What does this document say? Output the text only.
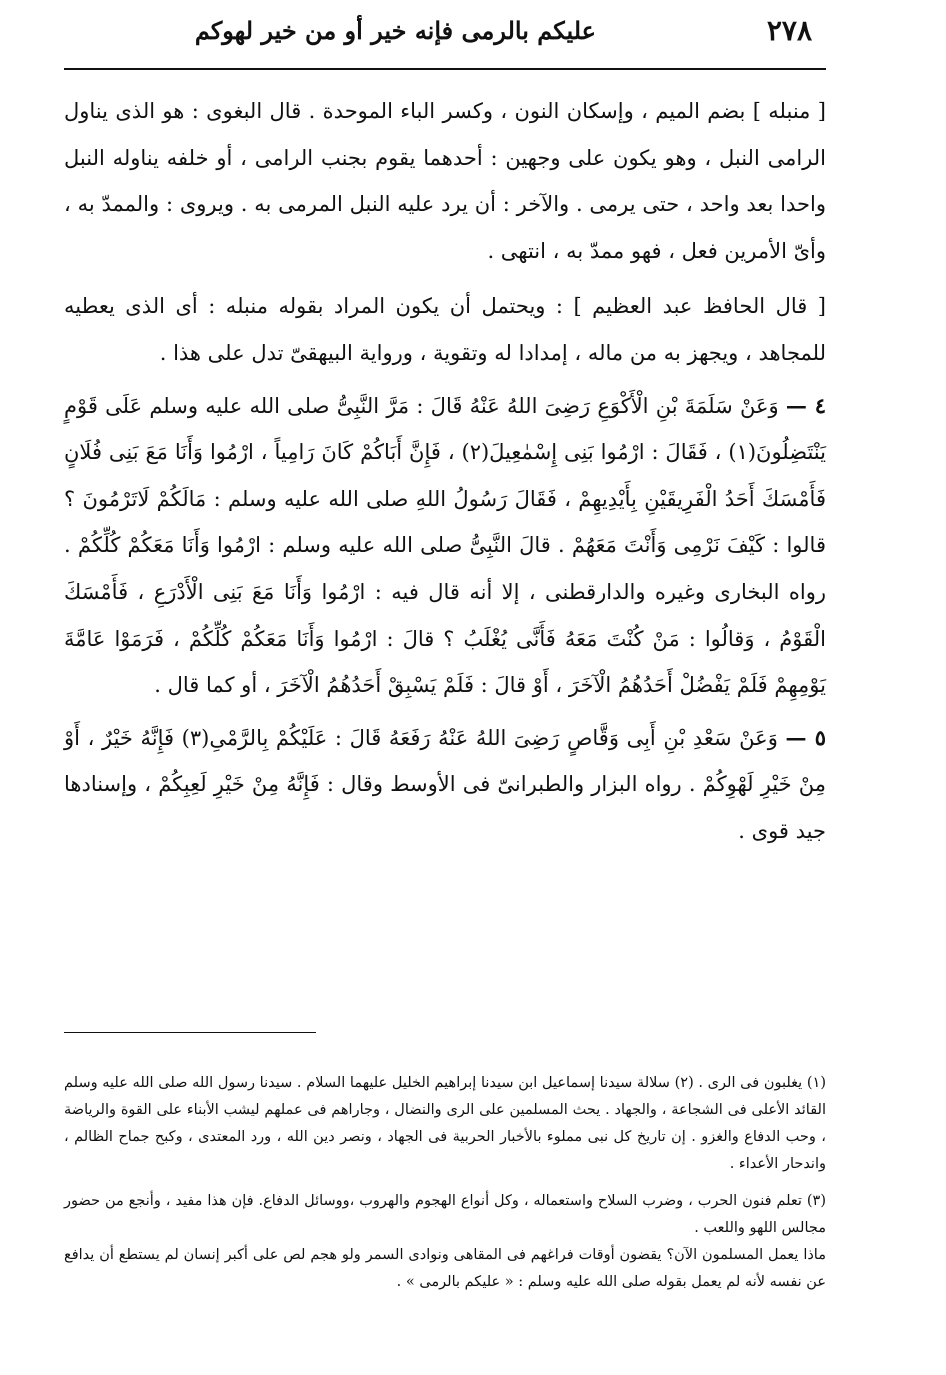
٢٧٨
عليكم بالرمى فإنه خير أو من خير لهوكم

[ منبله ] بضم الميم ، وإسكان النون ، وكسر الباء الموحدة . قال البغوى : هو الذى يناول الرامى النبل ، وهو يكون على وجهين : أحدهما يقوم بجنب الرامى ، أو خلفه يناوله النبل واحدا بعد واحد ، حتى يرمى . والآخر : أن يرد عليه النبل المرمى به . ويروى : والممدّ به ، وأىّ الأمرين فعل ، فهو ممدّ به ، انتهى .

[ قال الحافظ عبد العظيم ] : ويحتمل أن يكون المراد بقوله منبله : أى الذى يعطيه للمجاهد ، ويجهز به من ماله ، إمدادا له وتقوية ، ورواية البيهقىّ تدل على هذا .

٤ — وَعَنْ سَلَمَةَ بْنِ الْأَكْوَعِ رَضِىَ اللهُ عَنْهُ قَالَ : مَرَّ النَّبِىُّ صلى الله عليه وسلم عَلَى قَوْمٍ يَنْتَضِلُونَ(١) ، فَقَالَ : ارْمُوا بَنِى إِسْمٰعِيلَ(٢) ، فَإِنَّ أَبَاكُمْ كَانَ رَامِياً ، ارْمُوا وَأَنَا مَعَ بَنِى فُلَانٍ فَأَمْسَكَ أَحَدُ الْفَرِيقَيْنِ بِأَيْدِيهِمْ ، فَقَالَ رَسُولُ اللهِ صلى الله عليه وسلم : مَالَكُمْ لَاتَرْمُونَ ؟ قالوا : كَيْفَ نَرْمِى وَأَنْتَ مَعَهُمْ . قالَ النَّبِىُّ صلى الله عليه وسلم : ارْمُوا وَأَنَا مَعَكُمْ كُلِّكُمْ . رواه البخارى وغيره والدارقطنى ، إلا أنه قال فيه : ارْمُوا وَأَنَا مَعَ بَنِى الْأَدْرَعِ ، فَأَمْسَكَ الْقَوْمُ ، وَقالُوا : مَنْ كُنْتَ مَعَهُ فَأَنَّى يُغْلَبُ ؟ قالَ : ارْمُوا وَأَنَا مَعَكُمْ كُلِّكُمْ ، فَرَمَوْا عَامَّةَ يَوْمِهِمْ فَلَمْ يَفْضُلْ أَحَدُهُمُ الْآخَرَ ، أَوْ قالَ : فَلَمْ يَسْبِقْ أَحَدُهُمُ الْآخَرَ ، أو كما قال .

٥ — وَعَنْ سَعْدِ بْنِ أَبِى وَقَّاصٍ رَضِىَ اللهُ عَنْهُ رَفَعَهُ قَالَ : عَلَيْكُمْ بِالرَّمْىِ(٣) فَإِنَّهُ خَيْرٌ ، أَوْ مِنْ خَيْرِ لَهْوِكُمْ . رواه البزار والطبرانىّ فى الأوسط وقال : فَإِنَّهُ مِنْ خَيْرِ لَعِبِكُمْ ، وإسنادها جيد قوى .

(١) يغلبون فى الرى . (٢) سلالة سيدنا إسماعيل ابن سيدنا إبراهيم الخليل عليهما السلام . سيدنا رسول الله صلى الله عليه وسلم القائد الأعلى فى الشجاعة ، والجهاد . يحث المسلمين على الرى والنضال ، وجاراهم فى عملهم ليشب الأبناء على القوة والرياضة ، وحب الدفاع والغزو . إن تاريخ كل نبى مملوء بالأخبار الحربية فى الجهاد ، ونصر دين الله ، ورد المعتدى ، وكبح جماح الظالم ، واندحار الأعداء .

(٣) تعلم فنون الحرب ، وضرب السلاح واستعماله ، وكل أنواع الهجوم والهروب ،ووسائل الدفاع. فإن هذا مفيد ، وأنجع من حضور مجالس اللهو واللعب .

ماذا يعمل المسلمون الآن؟ يقضون أوقات فراغهم فى المقاهى ونوادى السمر ولو هجم لص على أكبر إنسان لم يستطع أن يدافع عن نفسه لأنه لم يعمل بقوله صلى الله عليه وسلم : « عليكم بالرمى » .
